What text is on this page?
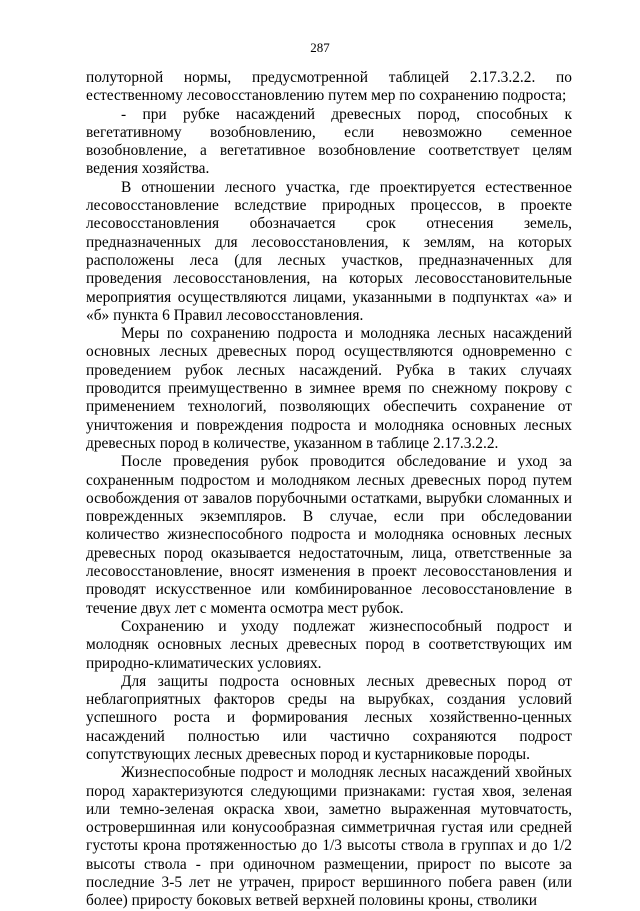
287

полуторной нормы, предусмотренной таблицей 2.17.3.2.2. по естественному лесовосстановлению путем мер по сохранению подроста;

- при рубке насаждений древесных пород, способных к вегетативному возобновлению, если невозможно семенное возобновление, а вегетативное возобновление соответствует целям ведения хозяйства.

В отношении лесного участка, где проектируется естественное лесовосстановление вследствие природных процессов, в проекте лесовосстановления обозначается срок отнесения земель, предназначенных для лесовосстановления, к землям, на которых расположены леса (для лесных участков, предназначенных для проведения лесовосстановления, на которых лесовосстановительные мероприятия осуществляются лицами, указанными в подпунктах «а» и «б» пункта 6 Правил лесовосстановления.

Меры по сохранению подроста и молодняка лесных насаждений основных лесных древесных пород осуществляются одновременно с проведением рубок лесных насаждений. Рубка в таких случаях проводится преимущественно в зимнее время по снежному покрову с применением технологий, позволяющих обеспечить сохранение от уничтожения и повреждения подроста и молодняка основных лесных древесных пород в количестве, указанном в таблице 2.17.3.2.2.

После проведения рубок проводится обследование и уход за сохраненным подростом и молодняком лесных древесных пород путем освобождения от завалов порубочными остатками, вырубки сломанных и поврежденных экземпляров. В случае, если при обследовании количество жизнеспособного подроста и молодняка основных лесных древесных пород оказывается недостаточным, лица, ответственные за лесовосстановление, вносят изменения в проект лесовосстановления и проводят искусственное или комбинированное лесовосстановление в течение двух лет с момента осмотра мест рубок.

Сохранению и уходу подлежат жизнеспособный подрост и молодняк основных лесных древесных пород в соответствующих им природно-климатических условиях.

Для защиты подроста основных лесных древесных пород от неблагоприятных факторов среды на вырубках, создания условий успешного роста и формирования лесных хозяйственно-ценных насаждений полностью или частично сохраняются подрост сопутствующих лесных древесных пород и кустарниковые породы.

Жизнеспособные подрост и молодняк лесных насаждений хвойных пород характеризуются следующими признаками: густая хвоя, зеленая или темно-зеленая окраска хвои, заметно выраженная мутовчатость, островершинная или конусообразная симметричная густая или средней густоты крона протяженностью до 1/3 высоты ствола в группах и до 1/2 высоты ствола - при одиночном размещении, прирост по высоте за последние 3-5 лет не утрачен, прирост вершинного побега равен (или более) приросту боковых ветвей верхней половины кроны, стволики
